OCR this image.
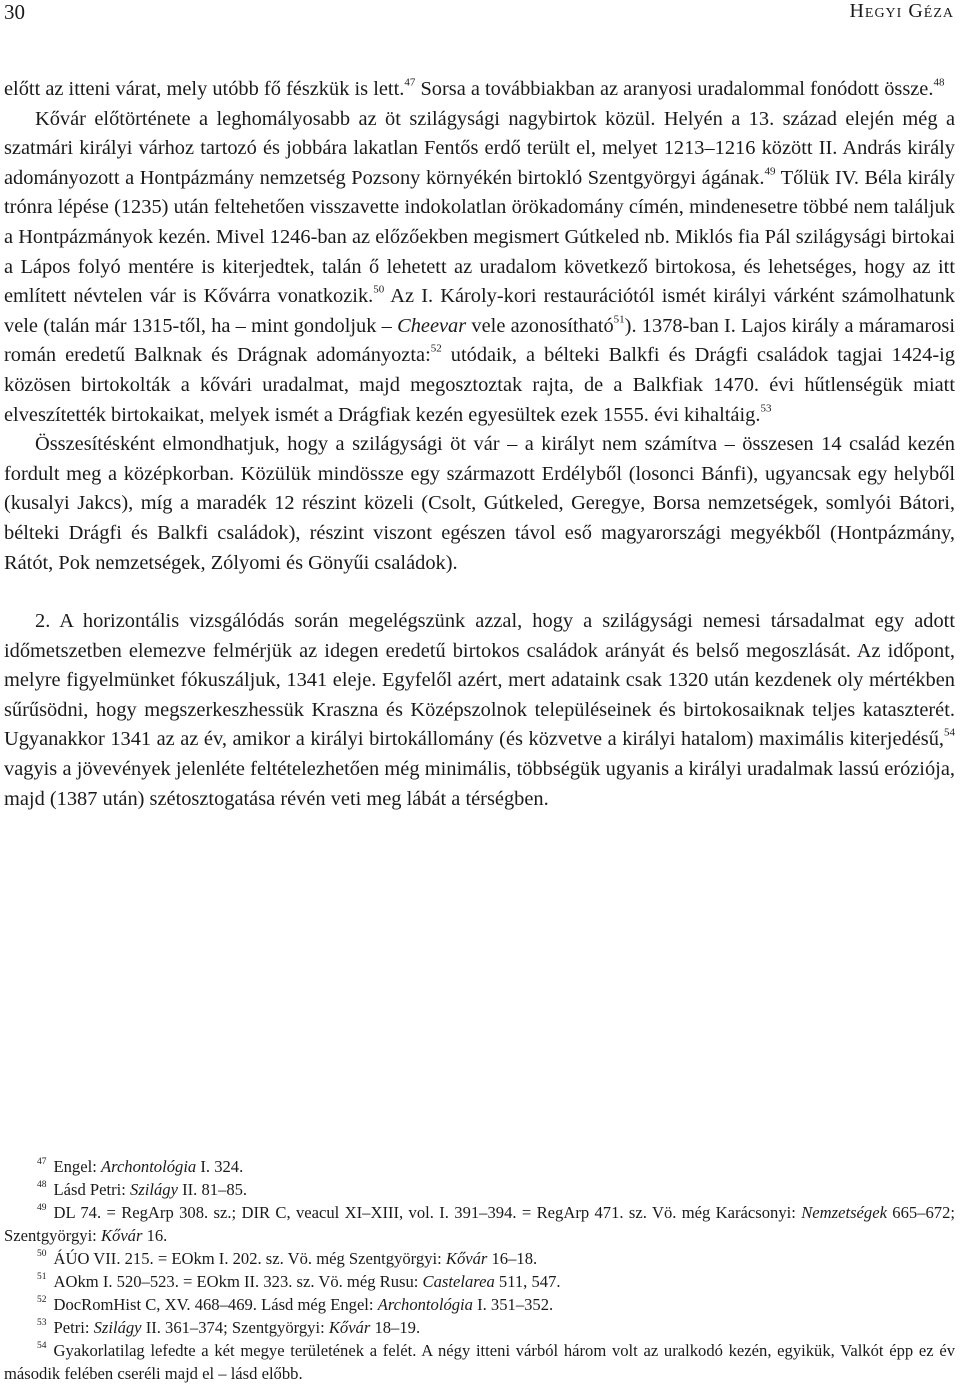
30	Hegyi Géza

előtt az itteni várat, mely utóbb fő fészkük is lett.$^{47}$ Sorsa a továbbiakban az aranyosi uradalommal fonódott össze.$^{48}$

Kővár előtörténete a leghomályosabb az öt szilágysági nagybirtok közül. Helyén a 13. század elején még a szatmári királyi várhoz tartozó és jobbára lakatlan Fentős erdő terült el, melyet 1213–1216 között II. András király adományozott a Hontpázmány nemzetség Pozsony környékén birtokló Szentgyörgyi ágának.$^{49}$ Tőlük IV. Béla király trónra lépése (1235) után feltehetően visszavette indokolatlan örökadomány címén, mindenesetre többé nem találjuk a Hontpázmányok kezén. Mivel 1246-ban az előzőekben megismert Gútkeled nb. Miklós fia Pál szilágysági birtokai a Lápos folyó mentére is kiterjedtek, talán ő lehetett az uradalom következő birtokosa, és lehetséges, hogy az itt említett névtelen vár is Kővárra vonatkozik.$^{50}$ Az I. Károly-kori restaurációtól ismét királyi várként számolhatunk vele (talán már 1315-től, ha – mint gondoljuk – Cheevar vele azonosítható$^{51}$). 1378-ban I. Lajos király a máramarosi román eredetű Balknak és Drágnak adományozta:$^{52}$ utódaik, a bélteki Balkfi és Drágfi családok tagjai 1424-ig közösen birtokolták a kővári uradalmat, majd megosztoztak rajta, de a Balkfiak 1470. évi hűtlenségük miatt elveszítették birtokaikat, melyek ismét a Drágfiak kezén egyesültek ezek 1555. évi kihaltáig.$^{53}$

Összesítésként elmondhatjuk, hogy a szilágysági öt vár – a királyt nem számítva – összesen 14 család kezén fordult meg a középkorban. Közülük mindössze egy származott Erdélyből (losonci Bánfi), ugyancsak egy helyből (kusalyi Jakcs), míg a maradék 12 részint közeli (Csolt, Gútkeled, Geregye, Borsa nemzetségek, somlyói Bátori, bélteki Drágfi és Balkfi családok), részint viszont egészen távol eső magyarországi megyékből (Hontpázmány, Rátót, Pok nemzetségek, Zólyomi és Gönyűi családok).

2. A horizontális vizsgálódás során megelégszünk azzal, hogy a szilágysági nemesi társadalmat egy adott időmetszetben elemezve felmérjük az idegen eredetű birtokos családok arányát és belső megoszlását. Az időpont, melyre figyelmünket fókuszáljuk, 1341 eleje. Egyfelől azért, mert adataink csak 1320 után kezdenek oly mértékben sűrűsödni, hogy megszerkeszhessük Kraszna és Középszolnok településeinek és birtokosaiknak teljes kataszterét. Ugyanakkor 1341 az az év, amikor a királyi birtokállomány (és közvetve a királyi hatalom) maximális kiterjedésű,$^{54}$ vagyis a jövevények jelenléte feltételezhetően még minimális, többségük ugyanis a királyi uradalmak lassú eróziója, majd (1387 után) szétosztogatása révén veti meg lábát a térségben.

$^{47}$ Engel: Archontológia I. 324.

$^{48}$ Lásd Petri: Szilágy II. 81–85.

$^{49}$ DL 74. = RegArp 308. sz.; DIR C, veacul XI–XIII, vol. I. 391–394. = RegArp 471. sz. Vö. még Karácsonyi: Nemzetségek 665–672; Szentgyörgyi: Kővár 16.

$^{50}$ ÁÚO VII. 215. = EOkm I. 202. sz. Vö. még Szentgyörgyi: Kővár 16–18.

$^{51}$ AOkm I. 520–523. = EOkm II. 323. sz. Vö. még Rusu: Castelarea 511, 547.

$^{52}$ DocRomHist C, XV. 468–469. Lásd még Engel: Archontológia I. 351–352.

$^{53}$ Petri: Szilágy II. 361–374; Szentgyörgyi: Kővár 18–19.

$^{54}$ Gyakorlatilag lefedte a két megye területének a felét. A négy itteni várból három volt az uralkodó kezén, egyikük, Valkót épp ez év második felében cseréli majd el – lásd előbb.
